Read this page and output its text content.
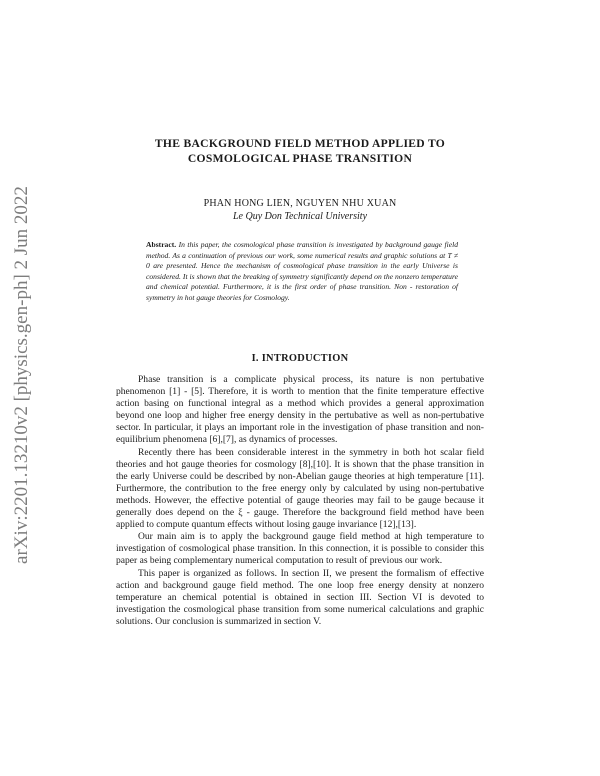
arXiv:2201.13210v2 [physics.gen-ph] 2 Jun 2022
THE BACKGROUND FIELD METHOD APPLIED TO
COSMOLOGICAL PHASE TRANSITION
PHAN HONG LIEN, NGUYEN NHU XUAN
Le Quy Don Technical University
Abstract. In this paper, the cosmological phase transition is investigated by background gauge field method. As a continuation of previous our work, some numerical results and graphic solutions at T ≠ 0 are presented. Hence the mechanism of cosmological phase transition in the early Universe is considered. It is shown that the breaking of symmetry significantly depend on the nonzero temperature and chemical potential. Furthermore, it is the first order of phase transition. Non - restoration of symmetry in hot gauge theories for Cosmology.
I. INTRODUCTION

Phase transition is a complicate physical process, its nature is non pertubative phenomenon [1] - [5]. Therefore, it is worth to mention that the finite temperature effective action basing on functional integral as a method which provides a general approximation beyond one loop and higher free energy density in the pertubative as well as non-pertubative sector. In particular, it plays an important role in the investigation of phase transition and non-equilibrium phenomena [6],[7], as dynamics of processes.

Recently there has been considerable interest in the symmetry in both hot scalar field theories and hot gauge theories for cosmology [8],[10]. It is shown that the phase transition in the early Universe could be described by non-Abelian gauge theories at high temperature [11]. Furthermore, the contribution to the free energy only by calculated by using non-pertubative methods. However, the effective potential of gauge theories may fail to be gauge because it generally does depend on the ξ - gauge. Therefore the background field method have been applied to compute quantum effects without losing gauge invariance [12],[13].

Our main aim is to apply the background gauge field method at high temperature to investigation of cosmological phase transition. In this connection, it is possible to consider this paper as being complementary numerical computation to result of previous our work.

This paper is organized as follows. In section II, we present the formalism of effective action and background gauge field method. The one loop free energy density at nonzero temperature an chemical potential is obtained in section III. Section VI is devoted to investigation the cosmological phase transition from some numerical calculations and graphic solutions. Our conclusion is summarized in section V.
